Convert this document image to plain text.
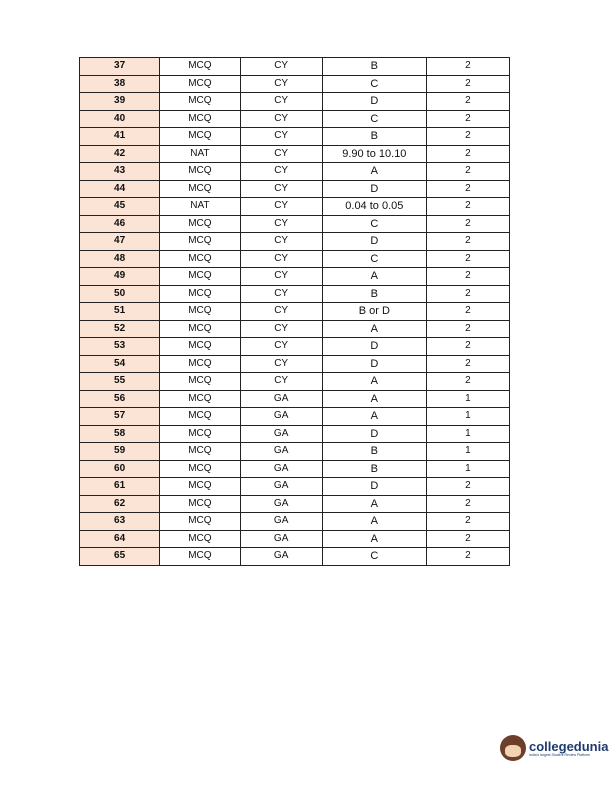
37	MCQ	CY	B	2
38	MCQ	CY	C	2
39	MCQ	CY	D	2
40	MCQ	CY	C	2
41	MCQ	CY	B	2
42	NAT	CY	9.90 to 10.10	2
43	MCQ	CY	A	2
44	MCQ	CY	D	2
45	NAT	CY	0.04 to 0.05	2
46	MCQ	CY	C	2
47	MCQ	CY	D	2
48	MCQ	CY	C	2
49	MCQ	CY	A	2
50	MCQ	CY	B	2
51	MCQ	CY	B or D	2
52	MCQ	CY	A	2
53	MCQ	CY	D	2
54	MCQ	CY	D	2
55	MCQ	CY	A	2
56	MCQ	GA	A	1
57	MCQ	GA	A	1
58	MCQ	GA	D	1
59	MCQ	GA	B	1
60	MCQ	GA	B	1
61	MCQ	GA	D	2
62	MCQ	GA	A	2
63	MCQ	GA	A	2
64	MCQ	GA	A	2
65	MCQ	GA	C	2
collegedunia
India's largest Student Review Platform
